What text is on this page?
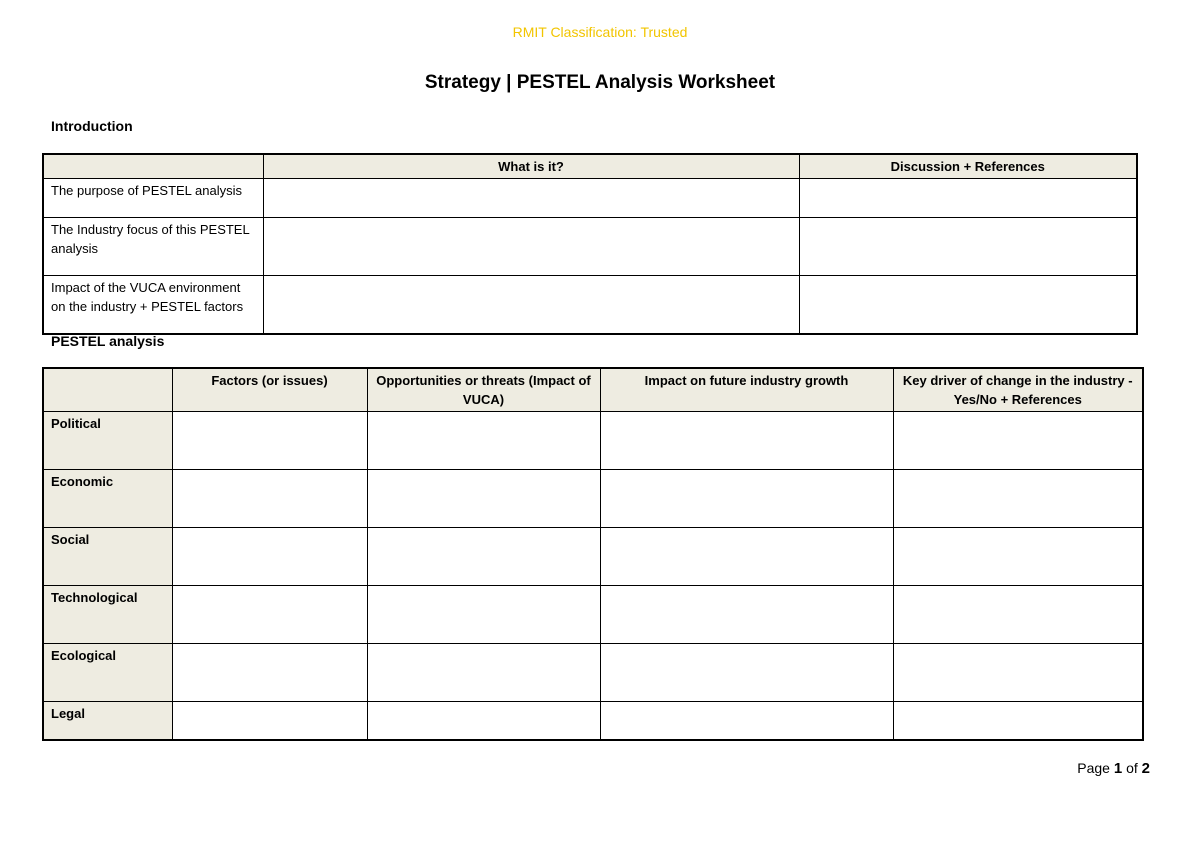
RMIT Classification: Trusted
Strategy | PESTEL Analysis Worksheet
Introduction
	What is it?	Discussion + References
The purpose of PESTEL analysis		
The Industry focus of this PESTEL analysis		
Impact of the VUCA environment on the industry + PESTEL factors		
PESTEL analysis
	Factors (or issues)	Opportunities or threats (Impact of VUCA)	Impact on future industry growth	Key driver of change in the industry - Yes/No + References
Political				
Economic				
Social				
Technological				
Ecological				
Legal				
Page 1 of 2
